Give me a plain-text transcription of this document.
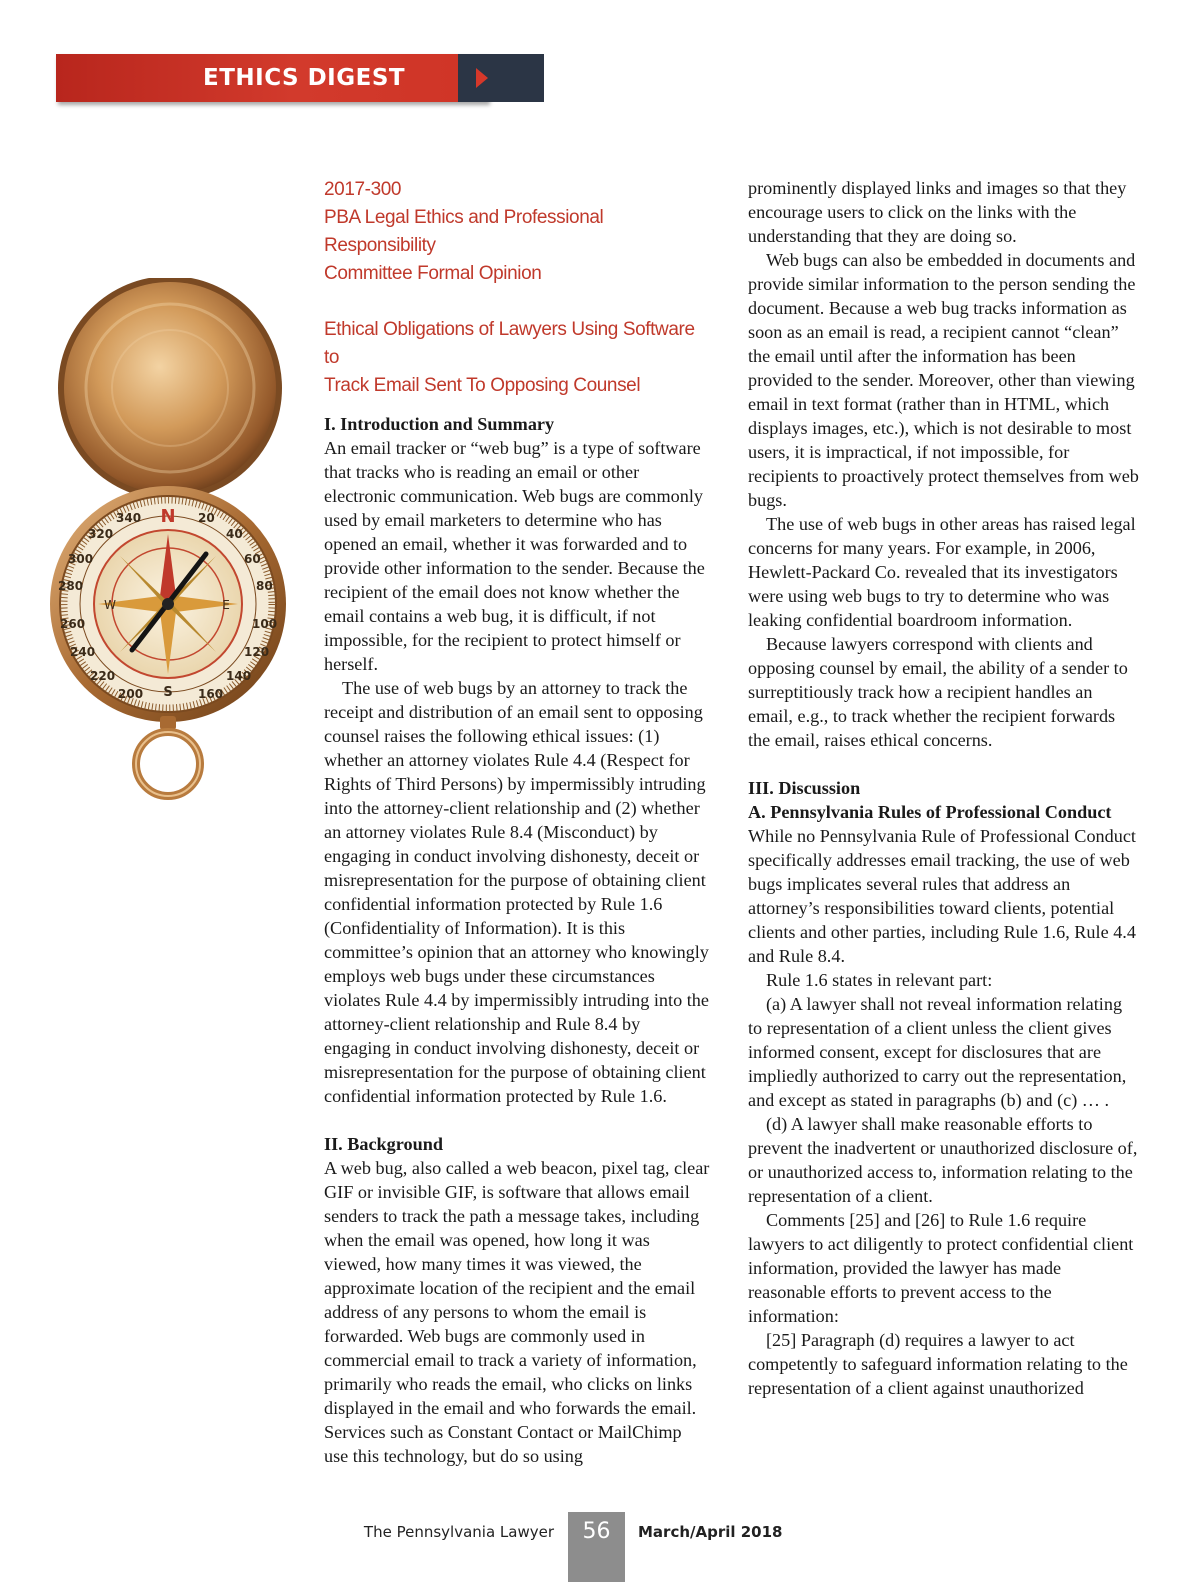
ETHICS DIGEST
N
S
W	E
20
40
60
80
100
120
140
160
200
220
240
260
280
300
320
340

2017-300

PBA Legal Ethics and Professional Responsibility

Committee Formal Opinion

Ethical Obligations of Lawyers Using Software to

Track Email Sent To Opposing Counsel

I. Introduction and Summary

An email tracker or “web bug” is a type of software that tracks who is reading an email or other electronic communication. Web bugs are commonly used by email marketers to determine who has opened an email, whether it was forwarded and to provide other information to the sender. Because the recipient of the email does not know whether the email contains a web bug, it is difficult, if not impossible, for the recipient to protect himself or herself.

The use of web bugs by an attorney to track the receipt and distribution of an email sent to opposing counsel raises the following ethical issues: (1) whether an attorney violates Rule 4.4 (Respect for Rights of Third Persons) by impermissibly intruding into the attorney-client relationship and (2) whether an attorney violates Rule 8.4 (Misconduct) by engaging in conduct involving dishonesty, deceit or misrepresentation for the purpose of obtaining client confidential information protected by Rule 1.6 (Confidentiality of Information). It is this committee’s opinion that an attorney who knowingly employs web bugs under these circumstances violates Rule 4.4 by impermissibly intruding into the attorney-client relationship and Rule 8.4 by engaging in conduct involving dishonesty, deceit or misrepresentation for the purpose of obtaining client confidential information protected by Rule 1.6.

II. Background

A web bug, also called a web beacon, pixel tag, clear GIF or invisible GIF, is software that allows email senders to track the path a message takes, including when the email was opened, how long it was viewed, how many times it was viewed, the approximate location of the recipient and the email address of any persons to whom the email is forwarded. Web bugs are commonly used in commercial email to track a variety of information, primarily who reads the email, who clicks on links displayed in the email and who forwards the email. Services such as Constant Contact or MailChimp use this technology, but do so using

prominently displayed links and images so that they encourage users to click on the links with the understanding that they are doing so.

Web bugs can also be embedded in documents and provide similar information to the person sending the document. Because a web bug tracks information as soon as an email is read, a recipient cannot “clean” the email until after the information has been provided to the sender. Moreover, other than viewing email in text format (rather than in HTML, which displays images, etc.), which is not desirable to most users, it is impractical, if not impossible, for recipients to proactively protect themselves from web bugs.

The use of web bugs in other areas has raised legal concerns for many years. For example, in 2006, Hewlett-Packard Co. revealed that its investigators were using web bugs to try to determine who was leaking confidential boardroom information.

Because lawyers correspond with clients and opposing counsel by email, the ability of a sender to surreptitiously track how a recipient handles an email, e.g., to track whether the recipient forwards the email, raises ethical concerns.

III. Discussion

A. Pennsylvania Rules of Professional Conduct

While no Pennsylvania Rule of Professional Conduct specifically addresses email tracking, the use of web bugs implicates several rules that address an attorney’s responsibilities toward clients, potential clients and other parties, including Rule 1.6, Rule 4.4 and Rule 8.4.

Rule 1.6 states in relevant part:

(a) A lawyer shall not reveal information relating to representation of a client unless the client gives informed consent, except for disclosures that are impliedly authorized to carry out the representation, and except as stated in paragraphs (b) and (c) … .

(d) A lawyer shall make reasonable efforts to prevent the inadvertent or unauthorized disclosure of, or unauthorized access to, information relating to the representation of a client.

Comments [25] and [26] to Rule 1.6 require lawyers to act diligently to protect confidential client information, provided the lawyer has made reasonable efforts to prevent access to the information:

[25] Paragraph (d) requires a lawyer to act competently to safeguard information relating to the representation of a client against unauthorized

The Pennsylvania Lawyer	56	March/April 2018
